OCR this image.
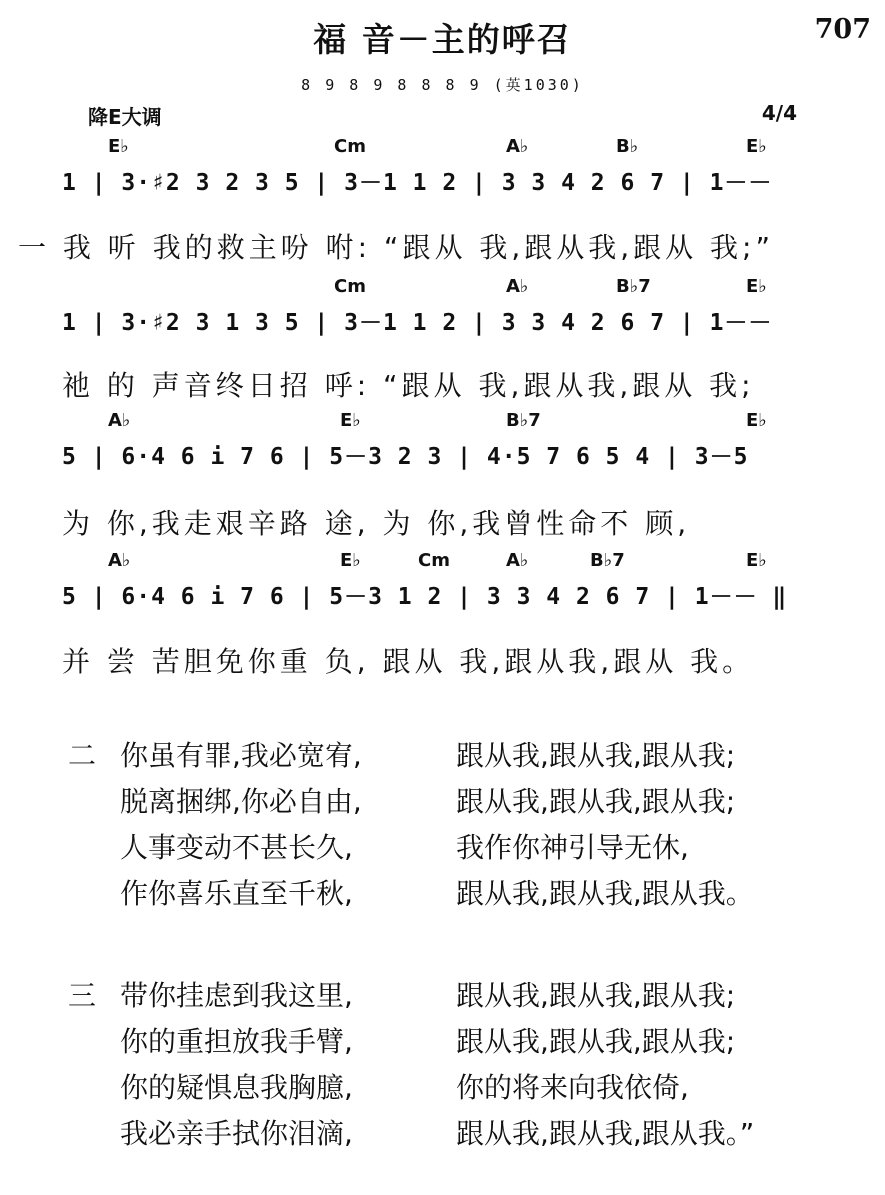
福 音－主的呼召	707
8 9 8 9 8 8 8 9 (英1030)
降E大调	4/4
E♭	Cm	A♭	B♭	E♭
1 | 3·♯2 3 2 3 5 | 3－1 1 2 | 3 3 4 2 6 7 | 1－－
一 我 听 我的救主吩 咐: “跟从 我,跟从我,跟从 我;”
Cm	A♭	B♭7	E♭
1 | 3·♯2 3 1 3 5 | 3－1 1 2 | 3 3 4 2 6 7 | 1－－
祂 的 声音终日招 呼: “跟从 我,跟从我,跟从 我;
A♭	E♭	B♭7	E♭
5 | 6·4 6 i 7 6 | 5－3 2 3 | 4·5 7 6 5 4 | 3－5
为 你,我走艰辛路 途, 为 你,我曾性命不 顾,
A♭	E♭	Cm	A♭	B♭7	E♭
5 | 6·4 6 i 7 6 | 5－3 1 2 | 3 3 4 2 6 7 | 1－－ ‖
并 尝 苦胆免你重 负, 跟从 我,跟从我,跟从 我。
二 你虽有罪,我必宽宥,	跟从我,跟从我,跟从我;
脱离捆绑,你必自由,	跟从我,跟从我,跟从我;
人事变动不甚长久,	我作你神引导无休,
作你喜乐直至千秋,	跟从我,跟从我,跟从我。
三 带你挂虑到我这里,	跟从我,跟从我,跟从我;
你的重担放我手臂,	跟从我,跟从我,跟从我;
你的疑惧息我胸臆,	你的将来向我依倚,
我必亲手拭你泪滴,	跟从我,跟从我,跟从我。”
